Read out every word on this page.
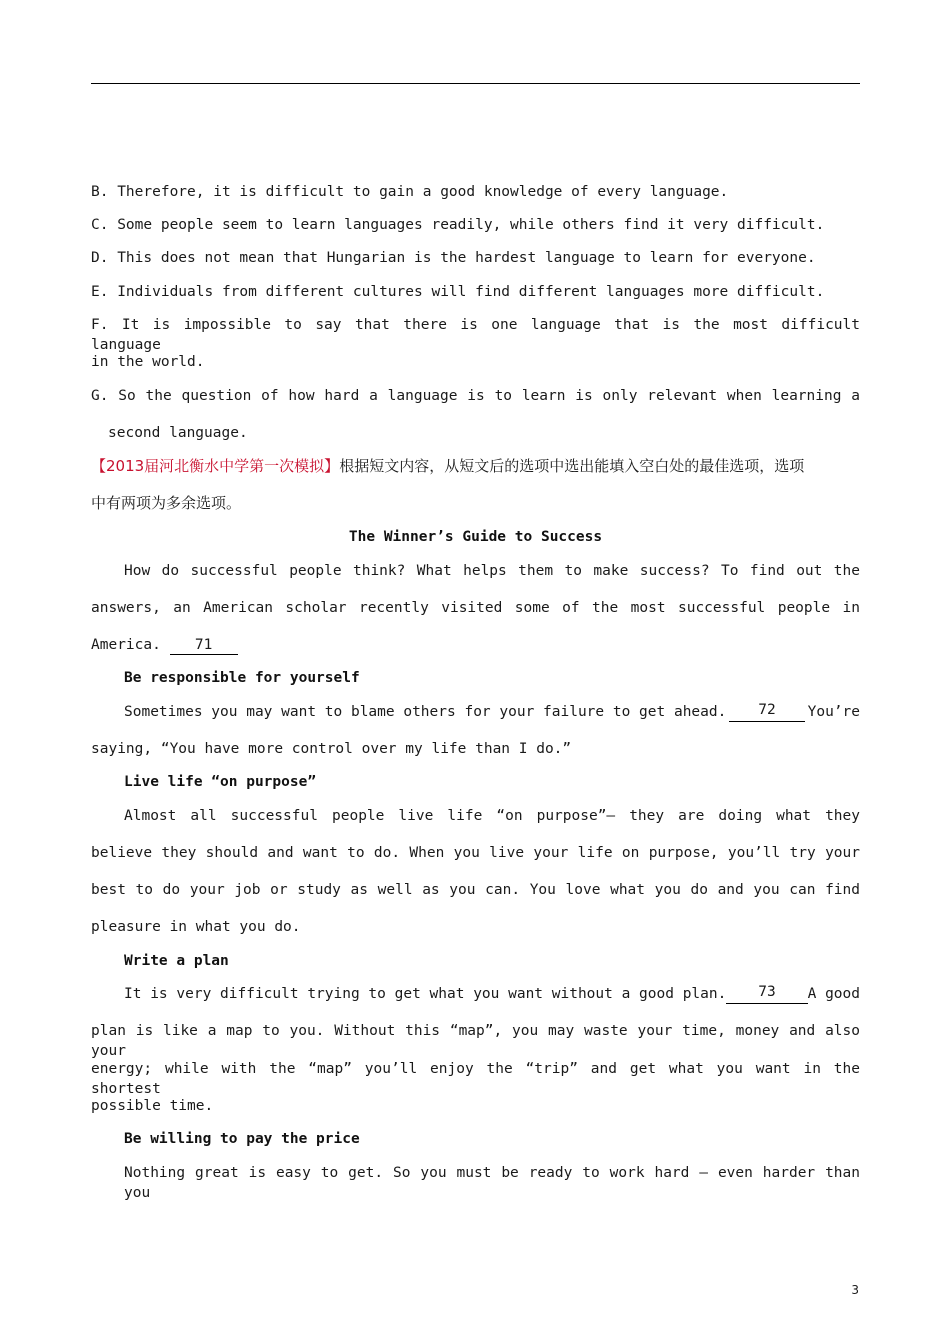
B. Therefore, it is difficult to gain a good knowledge of every language.
C. Some people seem to learn languages readily, while others find it very difficult.
D. This does not mean that Hungarian is the hardest language to learn for everyone.
E. Individuals from different cultures will find different languages more difficult.
F. It is impossible to say that there is one language that is the most difficult language
in the world.
G. So the question of how hard a language is to learn is only relevant when learning a
second language.
【2013届河北衡水中学第一次模拟】根据短文内容，从短文后的选项中选出能填入空白处的最佳选项，选项
中有两项为多余选项。
The Winner’s Guide to Success
How do successful people think? What helps them to make success? To find out the
answers, an American scholar recently visited some of the most successful people in
America. 71
Be responsible for yourself
Sometimes you may want to blame others for your failure to get ahead.	72	You’re
saying, “You have more control over my life than I do.”
Live life “on purpose”
Almost all successful people live life “on purpose”— they are doing what they
believe they should and want to do. When you live your life on purpose, you’ll try your
best to do your job or study as well as you can. You love what you do and you can find
pleasure in what you do.
Write a plan
It is very difficult trying to get what you want without a good plan.	73	A good
plan is like a map to you. Without this “map”, you may waste your time, money and also your
energy; while with the “map” you’ll enjoy the “trip” and get what you want in the shortest
possible time.
Be willing to pay the price
Nothing great is easy to get. So you must be ready to work hard — even harder than you
3
